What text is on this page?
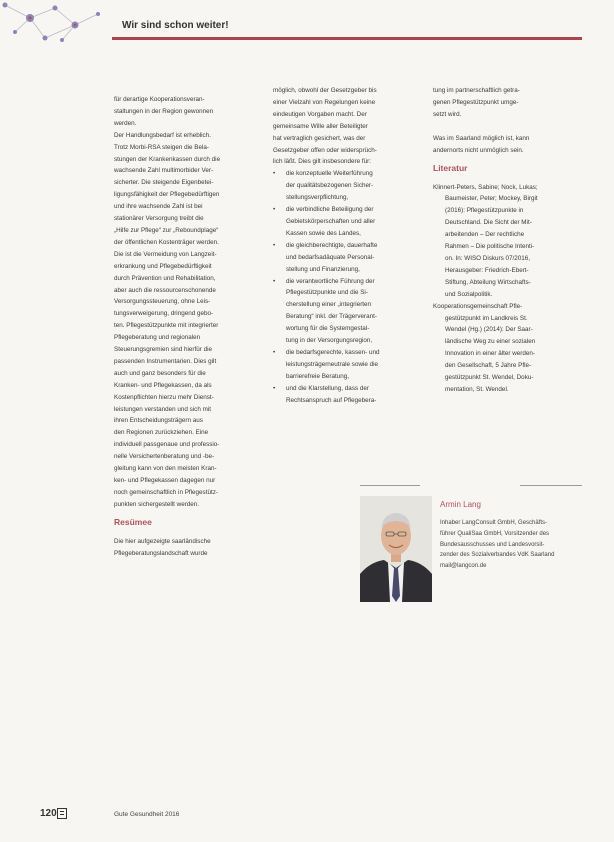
Wir sind schon weiter!

für derartige Kooperationsveran-

staltungen in der Region gewonnen

werden.

Der Handlungsbedarf ist erheblich.

Trotz Morbi-RSA steigen die Bela-

stungen der Krankenkassen durch die

wachsende Zahl multimorbider Ver-

sicherter. Die steigende Eigenbetei-

ligungsfähigkeit der Pflegebedürftigen

und ihre wachsende Zahl ist bei

stationärer Versorgung treibt die

„Hilfe zur Pflege“ zur „Reboundplage“

der öffentlichen Kostenträger werden.

Die ist die Vermeidung von Langzeit-

erkrankung und Pflegebedürftigkeit

durch Prävention und Rehabilitation,

aber auch die ressourcenschonende

Versorgungssteuerung, ohne Leis-

tungsverweigerung, dringend gebo-

ten. Pflegestützpunkte mit integrierter

Pflegeberatung und regionalen

Steuerungsgremien sind hierfür die

passenden Instrumentarien. Dies gilt

auch und ganz besonders für die

Kranken- und Pflegekassen, da als

Kostenpflichten hierzu mehr Dienst-

leistungen verstanden und sich mit

ihren Entscheidungsträgern aus

den Regionen zurückziehen. Eine

individuell passgenaue und professio-

nelle Versichertenberatung und -be-

gleitung kann von den meisten Kran-

ken- und Pflegekassen dagegen nur

noch gemeinschaftlich in Pflegestütz-

punkten sichergestellt werden.

Resümee

Die hier aufgezeigte saarländische

Pflegeberatungslandschaft wurde

möglich, obwohl der Gesetzgeber bis

einer Vielzahl von Regelungen keine

eindeutigen Vorgaben macht. Der

gemeinsame Wille aller Beteiligter

hat vertraglich gesichert, was der

Gesetzgeber offen oder widersprüch-

lich läßt. Dies gilt insbesondere für:

• die konzeptuelle Weiterführung

der qualitätsbezogenen Sicher-

stellungsverpflichtung,

• die verbindliche Beteiligung der

Gebietskörperschaften und aller

Kassen sowie des Landes,

• die gleichberechtigte, dauerhafte

und bedarfsadäquate Personal-

stellung und Finanzierung,

• die verantwortliche Führung der

Pflegestützpunkte und die Si-

cherstellung einer „integrierten

Beratung“ inkl. der Trägerverant-

wortung für die Systemgestal-

tung in der Versorgungsregion,

• die bedarfsgerechte, kassen- und

leistungsträgerneutrale sowie die

barrierefreie Beratung,

• und die Klarstellung, dass der

Rechtsanspruch auf Pflegebera-

tung im partnerschaftlich getra-

genen Pflegestützpunkt umge-

setzt wird.

Was im Saarland möglich ist, kann

andernorts nicht unmöglich sein.

Literatur

Klinnert-Peters, Sabine; Nock, Lukas;

Baumeister, Peter; Mockey, Birgit

(2016): Pflegestützpunkte in

Deutschland. Die Sicht der Mit-

arbeitenden – Der rechtliche

Rahmen – Die politische Intenti-

on. In: WISO Diskurs 07/2016,

Herausgeber: Friedrich-Ebert-

Stiftung, Abteilung Wirtschafts-

und Sozialpolitik.

Kooperationsgemeinschaft Pfle-

gestützpunkt im Landkreis St.

Wendel (Hg.) (2014): Der Saar-

ländische Weg zu einer sozialen

Innovation in einer älter werden-

den Gesellschaft, 5 Jahre Pfle-

gestützpunkt St. Wendel, Doku-

mentation, St. Wendel.

Armin Lang

Inhaber LangConsult GmbH, Geschäfts-

führer QualiSaa GmbH, Vorsitzender des

Bundesausschusses und Landesvorsit-

zender des Sozialverbandes VdK Saarland

mail@langcon.de

120	Gute Gesundheit 2016
